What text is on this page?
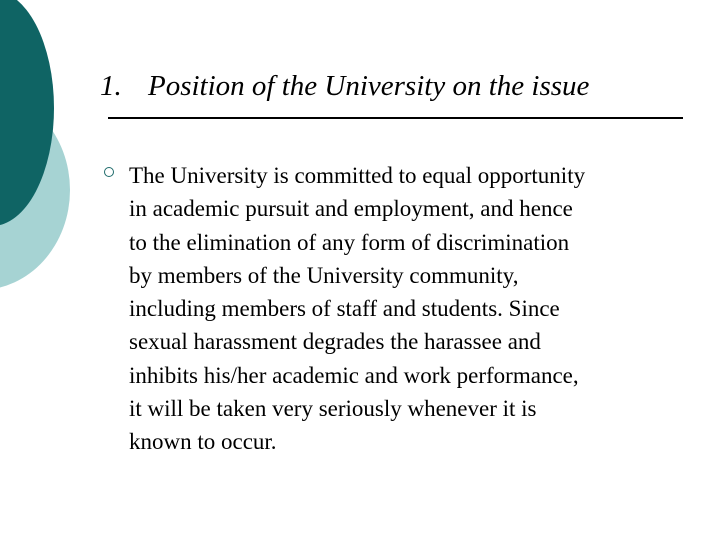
1. Position of the University on the issue

The University is committed to equal opportunity
in academic pursuit and employment, and hence
to the elimination of any form of discrimination
by members of the University community,
including members of staff and students. Since
sexual harassment degrades the harassee and
inhibits his/her academic and work performance,
it will be taken very seriously whenever it is
known to occur.
